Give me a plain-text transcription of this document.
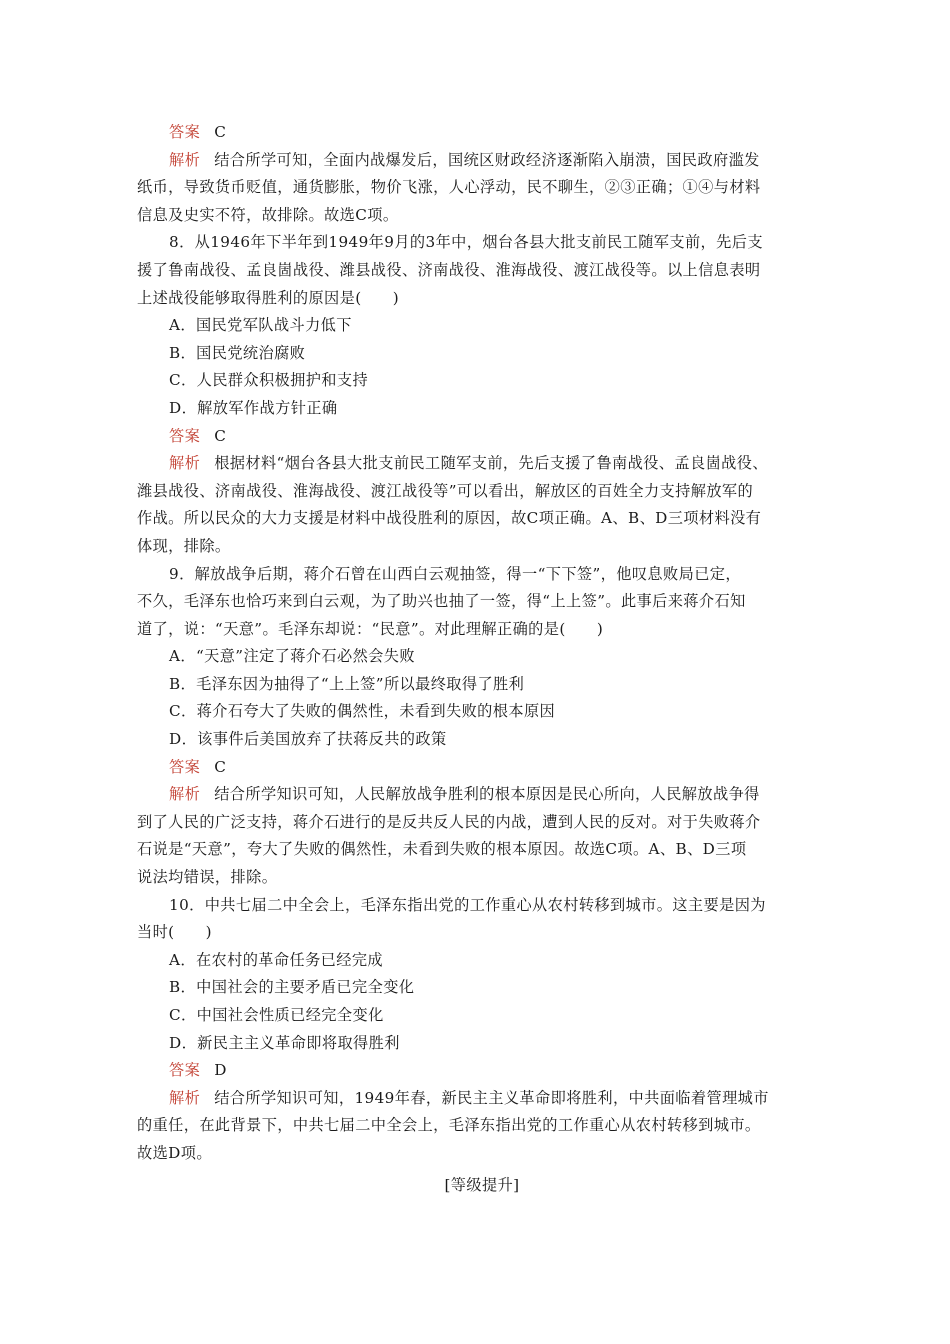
答案 C
解析 结合所学可知，全面内战爆发后，国统区财政经济逐渐陷入崩溃，国民政府滥发
纸币，导致货币贬值，通货膨胀，物价飞涨，人心浮动，民不聊生，②③正确；①④与材料
信息及史实不符，故排除。故选C项。
8．从1946年下半年到1949年9月的3年中，烟台各县大批支前民工随军支前，先后支
援了鲁南战役、孟良崮战役、潍县战役、济南战役、淮海战役、渡江战役等。以上信息表明
上述战役能够取得胜利的原因是(　　)
A．国民党军队战斗力低下
B．国民党统治腐败
C．人民群众积极拥护和支持
D．解放军作战方针正确
答案 C
解析 根据材料“烟台各县大批支前民工随军支前，先后支援了鲁南战役、孟良崮战役、
潍县战役、济南战役、淮海战役、渡江战役等”可以看出，解放区的百姓全力支持解放军的
作战。所以民众的大力支援是材料中战役胜利的原因，故C项正确。A、B、D三项材料没有
体现，排除。
9．解放战争后期，蒋介石曾在山西白云观抽签，得一“下下签”，他叹息败局已定，
不久，毛泽东也恰巧来到白云观，为了助兴也抽了一签，得“上上签”。此事后来蒋介石知
道了，说：“天意”。毛泽东却说：“民意”。对此理解正确的是(　　)
A．“天意”注定了蒋介石必然会失败
B．毛泽东因为抽得了“上上签”所以最终取得了胜利
C．蒋介石夸大了失败的偶然性，未看到失败的根本原因
D．该事件后美国放弃了扶蒋反共的政策
答案 C
解析 结合所学知识可知，人民解放战争胜利的根本原因是民心所向，人民解放战争得
到了人民的广泛支持，蒋介石进行的是反共反人民的内战，遭到人民的反对。对于失败蒋介
石说是“天意”，夸大了失败的偶然性，未看到失败的根本原因。故选C项。A、B、D三项
说法均错误，排除。
10．中共七届二中全会上，毛泽东指出党的工作重心从农村转移到城市。这主要是因为
当时(　　)
A．在农村的革命任务已经完成
B．中国社会的主要矛盾已完全变化
C．中国社会性质已经完全变化
D．新民主主义革命即将取得胜利
答案 D
解析 结合所学知识可知，1949年春，新民主主义革命即将胜利，中共面临着管理城市
的重任，在此背景下，中共七届二中全会上，毛泽东指出党的工作重心从农村转移到城市。
故选D项。
[等级提升]
